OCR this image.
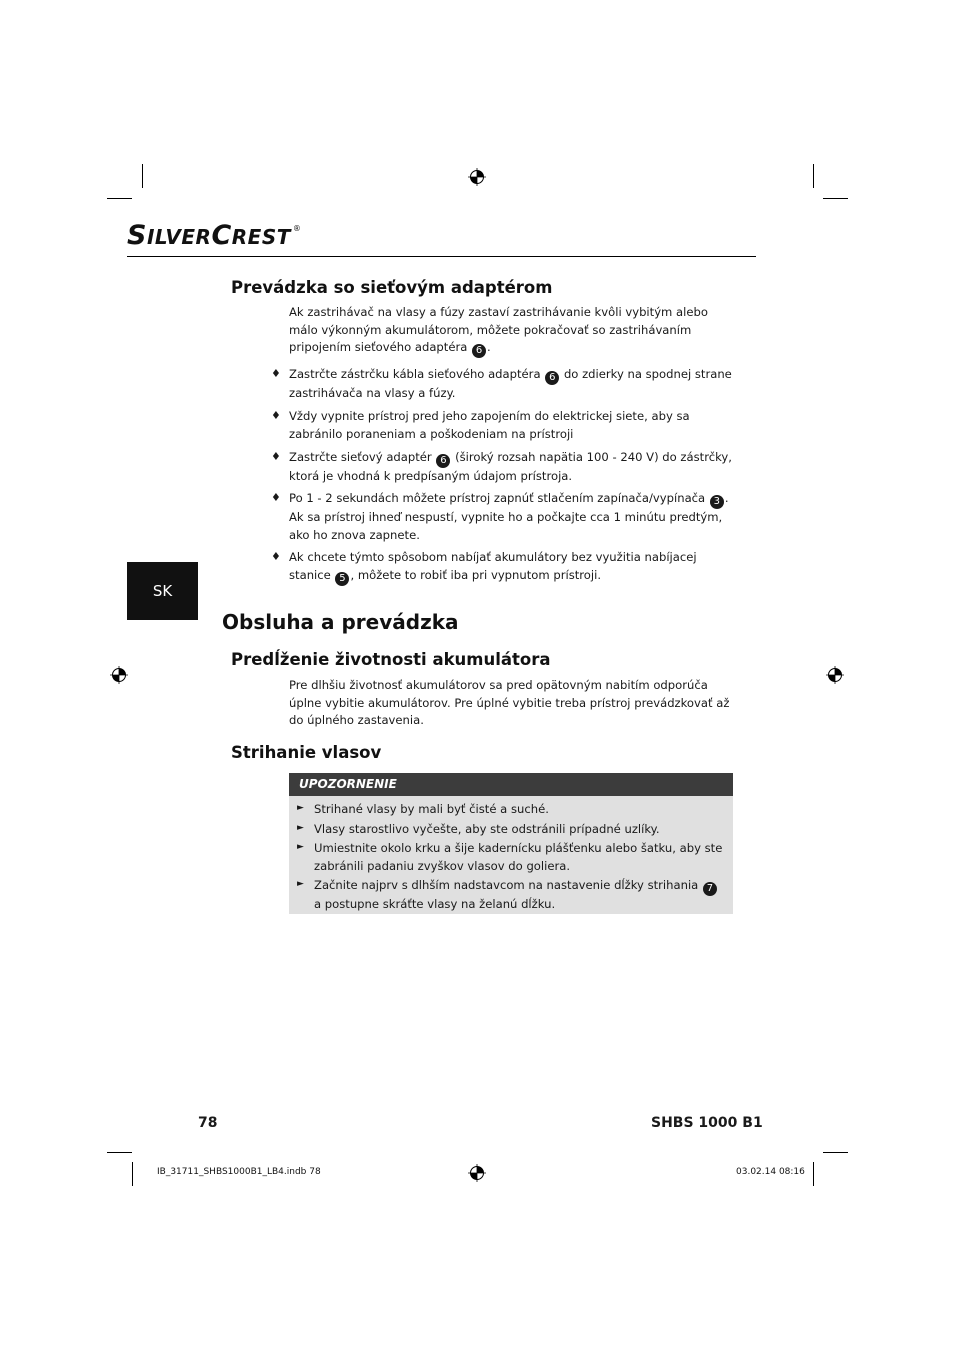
SILVERCREST ®
Prevádzka so sieťovým adaptérom
Ak zastrihávač na vlasy a fúzy zastaví zastrihávanie kvôli vybitým alebo málo výkonným akumulátorom, môžete pokračovať so zastrihávaním pripojením sieťového adaptéra 6 .
♦ Zastrčte zástrčku kábla sieťového adaptéra 6 do zdierky na spodnej strane zastrihávača na vlasy a fúzy.
♦ Vždy vypnite prístroj pred jeho zapojením do elektrickej siete, aby sa zabránilo poraneniam a poškodeniam na prístroji
♦ Zastrčte sieťový adaptér 6 (široký rozsah napätia 100 - 240 V) do zástrčky, ktorá je vhodná k predpísaným údajom prístroja.
♦ Po 1 - 2 sekundách môžete prístroj zapnúť stlačením zapínača/vypínača 3 . Ak sa prístroj ihneď nespustí, vypnite ho a počkajte cca 1 minútu predtým, ako ho znova zapnete.
♦ Ak chcete týmto spôsobom nabíjať akumulátory bez využitia nabíjacej stanice 5 , môžete to robiť iba pri vypnutom prístroji.
SK
Obsluha a prevádzka
Predĺženie životnosti akumulátora
Pre dlhšiu životnosť akumulátorov sa pred opätovným nabitím odporúča úplne vybitie akumulátorov. Pre úplné vybitie treba prístroj prevádzkovať až do úplného zastavenia.
Strihanie vlasov
UPOZORNENIE
► Strihané vlasy by mali byť čisté a suché.
► Vlasy starostlivo vyčešte, aby ste odstránili prípadné uzlíky.
► Umiestnite okolo krku a šije kadernícku plášťenku alebo šatku, aby ste zabránili padaniu zvyškov vlasov do goliera.
► Začnite najprv s dlhším nadstavcom na nastavenie dĺžky strihania 7 a postupne skráťte vlasy na želanú dĺžku.
78	SHBS 1000 B1
IB_31711_SHBS1000B1_LB4.indb 78	03.02.14 08:16
